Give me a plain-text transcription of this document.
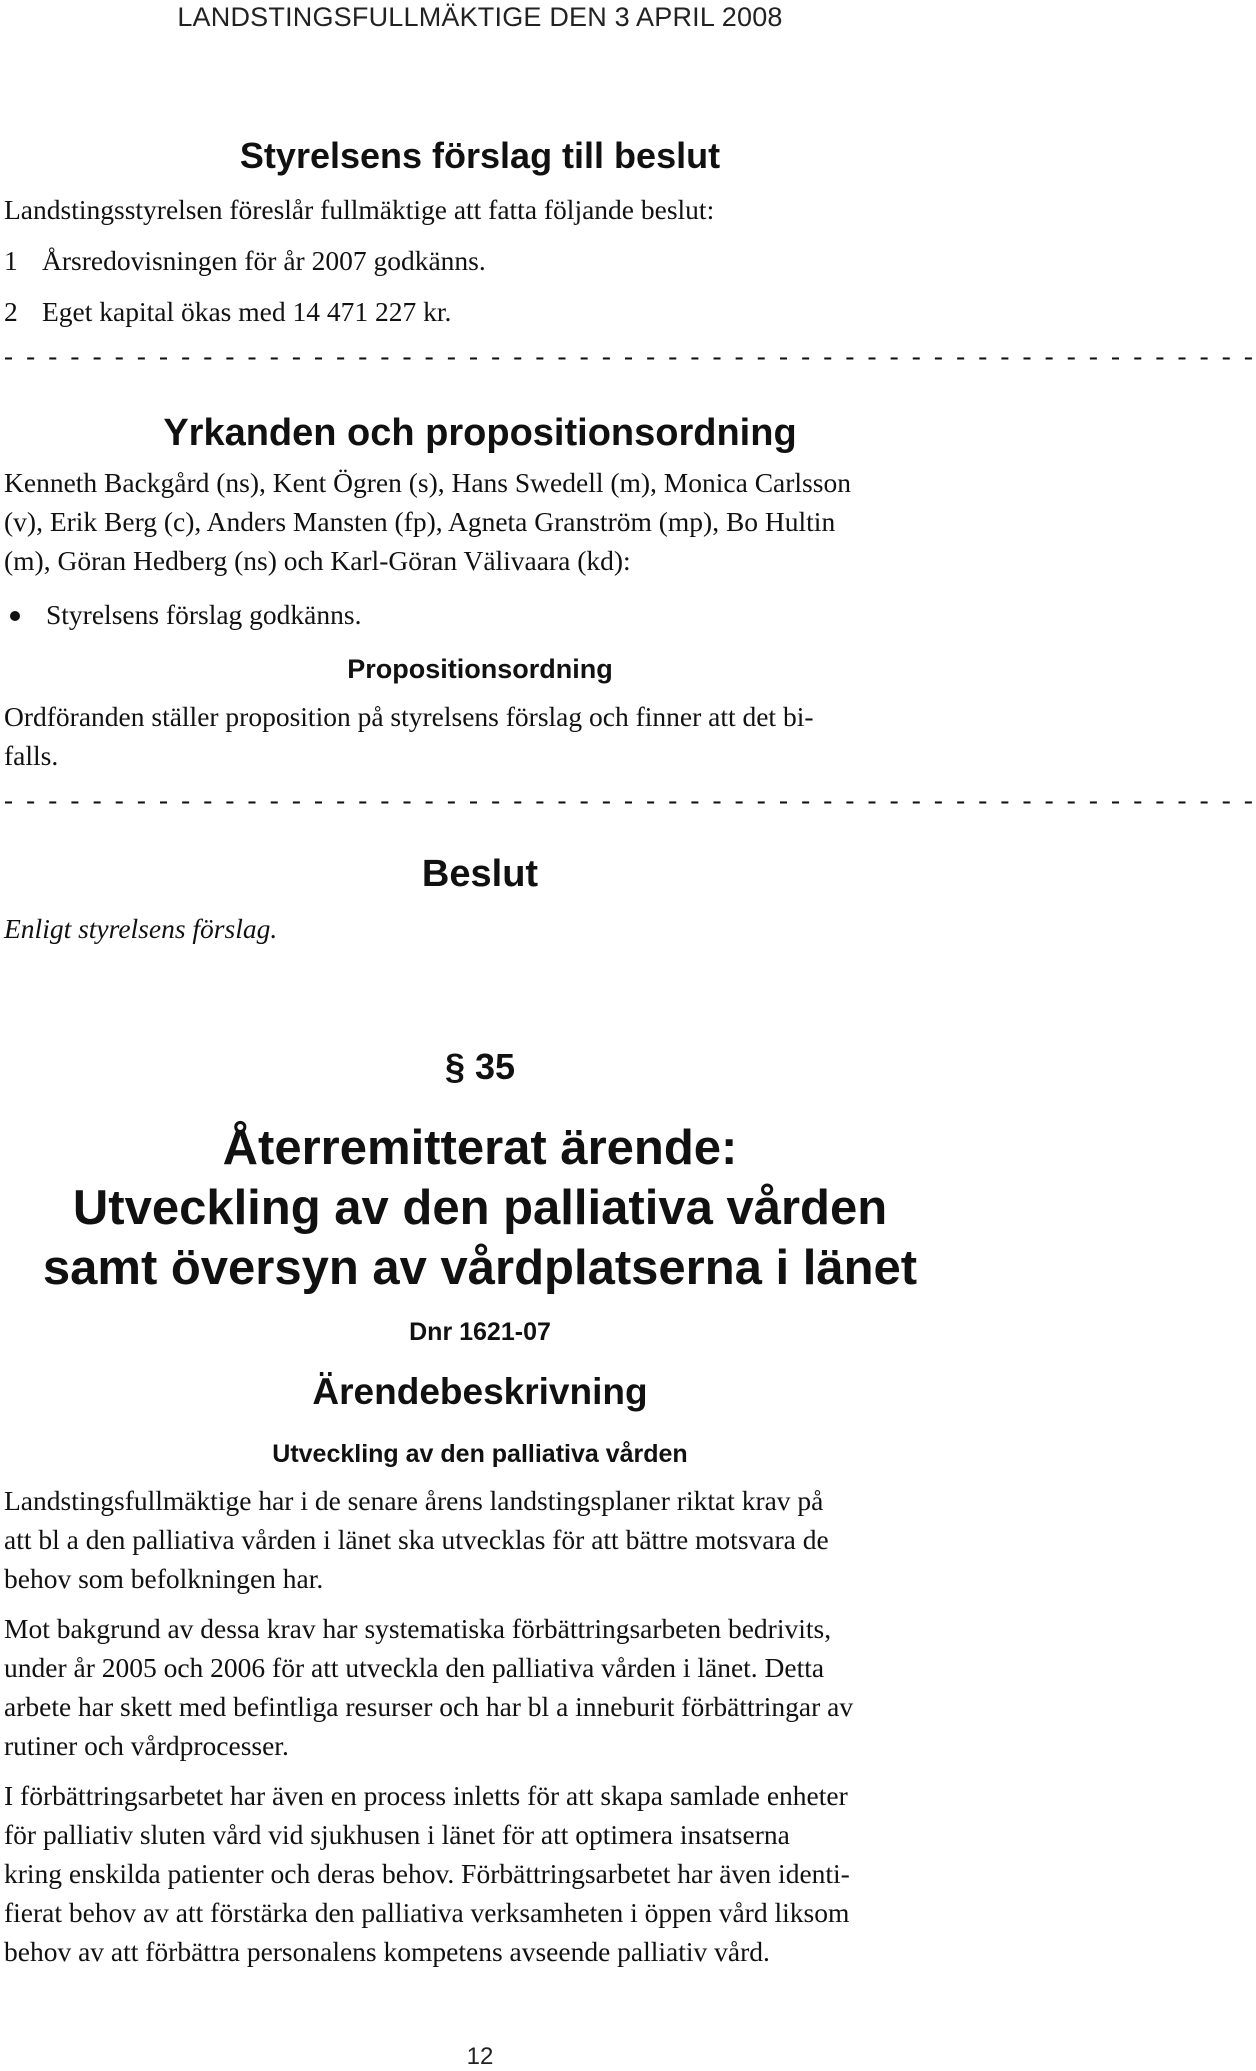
LANDSTINGSFULLMÄKTIGE DEN 3 APRIL 2008
Styrelsens förslag till beslut
Landstingsstyrelsen föreslår fullmäktige att fatta följande beslut:
1 Årsredovisningen för år 2007 godkänns.
2 Eget kapital ökas med 14 471 227 kr.
- - - - - - - - - - - - - - - - - - - - - - - - - - - - - - - - - - - - - - - - - - - - - - - - - - - - - - - - -
Yrkanden och propositionsordning
Kenneth Backgård (ns), Kent Ögren (s), Hans Swedell (m), Monica Carlsson
(v), Erik Berg (c), Anders Mansten (fp), Agneta Granström (mp), Bo Hultin
(m), Göran Hedberg (ns) och Karl-Göran Välivaara (kd):
Styrelsens förslag godkänns.
Propositionsordning
Ordföranden ställer proposition på styrelsens förslag och finner att det bi-
falls.
- - - - - - - - - - - - - - - - - - - - - - - - - - - - - - - - - - - - - - - - - - - - - - - - - - - - - - - - -
Beslut
Enligt styrelsens förslag.
§ 35
Återremitterat ärende:
Utveckling av den palliativa vården
samt översyn av vårdplatserna i länet
Dnr 1621-07
Ärendebeskrivning
Utveckling av den palliativa vården
Landstingsfullmäktige har i de senare årens landstingsplaner riktat krav på
att bl a den palliativa vården i länet ska utvecklas för att bättre motsvara de
behov som befolkningen har.
Mot bakgrund av dessa krav har systematiska förbättringsarbeten bedrivits,
under år 2005 och 2006 för att utveckla den palliativa vården i länet. Detta
arbete har skett med befintliga resurser och har bl a inneburit förbättringar av
rutiner och vårdprocesser.
I förbättringsarbetet har även en process inletts för att skapa samlade enheter
för palliativ sluten vård vid sjukhusen i länet för att optimera insatserna
kring enskilda patienter och deras behov. Förbättringsarbetet har även identi-
fierat behov av att förstärka den palliativa verksamheten i öppen vård liksom
behov av att förbättra personalens kompetens avseende palliativ vård.
12
